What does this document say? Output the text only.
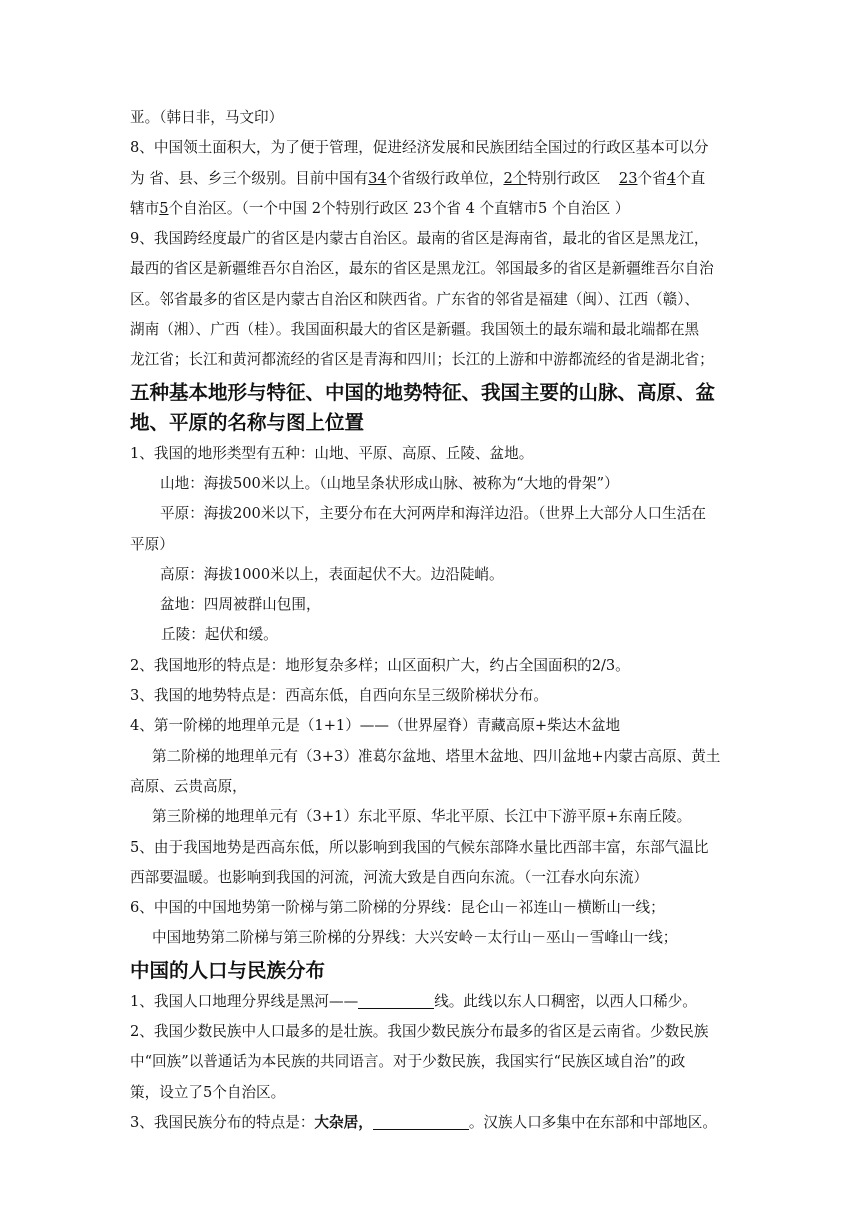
亚。（韩日非，马文印）

8、中国领土面积大，为了便于管理，促进经济发展和民族团结全国过的行政区基本可以分

为 省、县、乡三个级别。目前中国有34个省级行政单位，2个特别行政区 23个省4个直

辖市5个自治区。（一个中国 2个特别行政区 23个省 4 个直辖市5 个自治区 ）

9、我国跨经度最广的省区是内蒙古自治区。最南的省区是海南省，最北的省区是黑龙江，

最西的省区是新疆维吾尔自治区，最东的省区是黑龙江。邻国最多的省区是新疆维吾尔自治

区。邻省最多的省区是内蒙古自治区和陕西省。广东省的邻省是福建（闽）、江西（赣）、

湖南（湘）、广西（桂）。我国面积最大的省区是新疆。我国领土的最东端和最北端都在黑

龙江省；长江和黄河都流经的省区是青海和四川；长江的上游和中游都流经的省是湖北省；

五种基本地形与特征、中国的地势特征、我国主要的山脉、高原、盆
地、平原的名称与图上位置

1、我国的地形类型有五种：山地、平原、高原、丘陵、盆地。

山地：海拔500米以上。（山地呈条状形成山脉、被称为“大地的骨架”）

平原：海拔200米以下，主要分布在大河两岸和海洋边沿。（世界上大部分人口生活在

平原）

高原：海拔1000米以上，表面起伏不大。边沿陡峭。

盆地：四周被群山包围，

丘陵：起伏和缓。

2、我国地形的特点是：地形复杂多样；山区面积广大，约占全国面积的2/3。

3、我国的地势特点是：西高东低，自西向东呈三级阶梯状分布。

4、第一阶梯的地理单元是（1+1）——（世界屋脊）青藏高原+柴达木盆地

第二阶梯的地理单元有（3+3）准葛尔盆地、塔里木盆地、四川盆地+内蒙古高原、黄土

高原、云贵高原，

第三阶梯的地理单元有（3+1）东北平原、华北平原、长江中下游平原+东南丘陵。

5、由于我国地势是西高东低，所以影响到我国的气候东部降水量比西部丰富，东部气温比

西部要温暖。也影响到我国的河流，河流大致是自西向东流。（一江春水向东流）

6、中国的中国地势第一阶梯与第二阶梯的分界线：昆仑山－祁连山－横断山一线；

中国地势第二阶梯与第三阶梯的分界线：大兴安岭－太行山－巫山－雪峰山一线；

中国的人口与民族分布

1、我国人口地理分界线是黑河——	线。此线以东人口稠密，以西人口稀少。

2、我国少数民族中人口最多的是壮族。我国少数民族分布最多的省区是云南省。少数民族

中“回族”以普通话为本民族的共同语言。对于少数民族，我国实行“民族区域自治”的政

策，设立了5个自治区。

3、我国民族分布的特点是：大杂居，	。汉族人口多集中在东部和中部地区。
